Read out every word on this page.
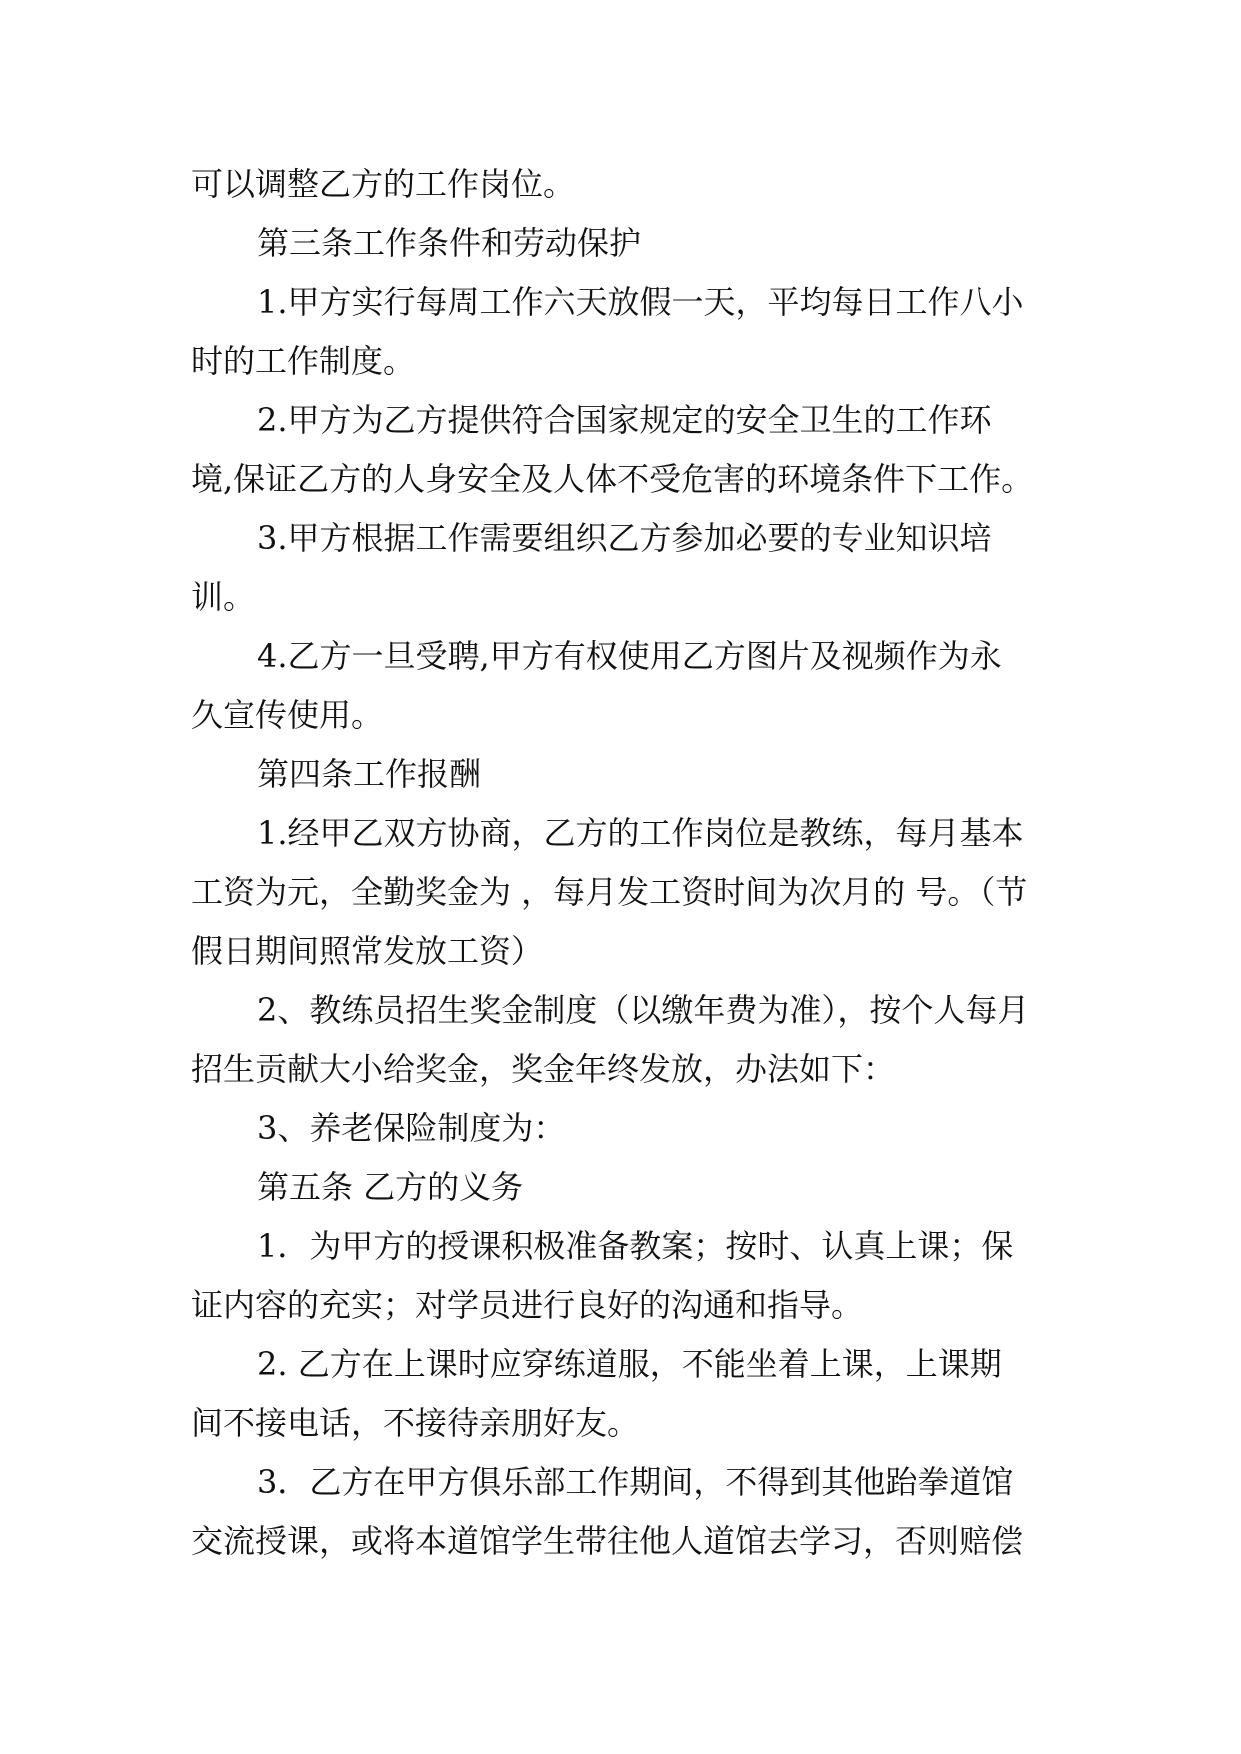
可以调整乙方的工作岗位。
第三条工作条件和劳动保护
1.甲方实行每周工作六天放假一天，平均每日工作八小
时的工作制度。
2.甲方为乙方提供符合国家规定的安全卫生的工作环
境,保证乙方的人身安全及人体不受危害的环境条件下工作。
3.甲方根据工作需要组织乙方参加必要的专业知识培
训。
4.乙方一旦受聘,甲方有权使用乙方图片及视频作为永
久宣传使用。
第四条工作报酬
1.经甲乙双方协商，乙方的工作岗位是教练，每月基本
工资为元，全勤奖金为 ，每月发工资时间为次月的 号。（节
假日期间照常发放工资）
2、教练员招生奖金制度（以缴年费为准），按个人每月
招生贡献大小给奖金，奖金年终发放，办法如下：
3、养老保险制度为：
第五条 乙方的义务
1．为甲方的授课积极准备教案；按时、认真上课；保
证内容的充实；对学员进行良好的沟通和指导。
2. 乙方在上课时应穿练道服，不能坐着上课，上课期
间不接电话，不接待亲朋好友。
3．乙方在甲方俱乐部工作期间，不得到其他跆拳道馆
交流授课，或将本道馆学生带往他人道馆去学习，否则赔偿
